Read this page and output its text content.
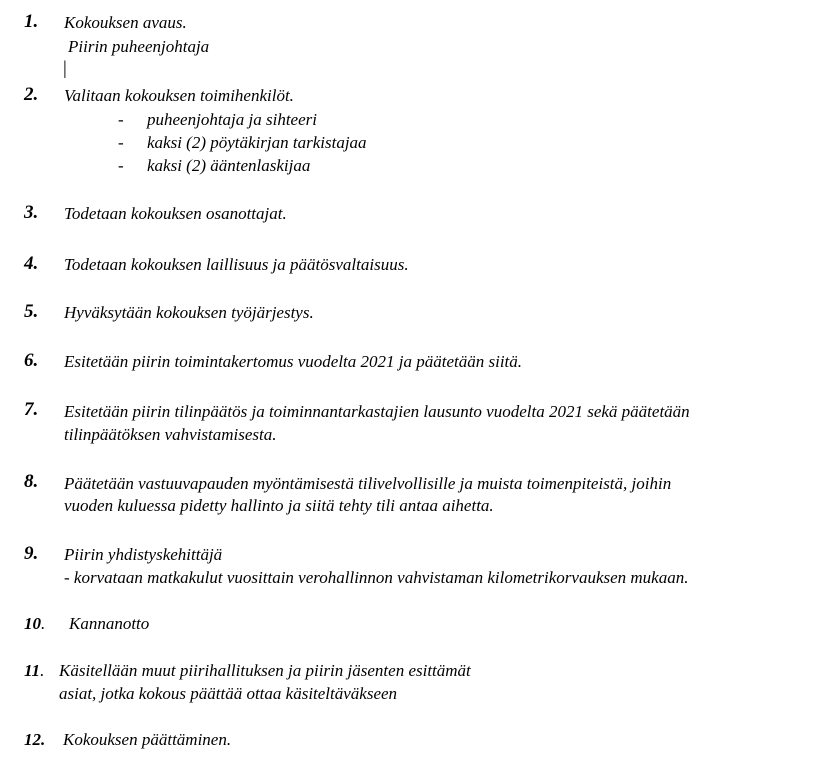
1. Kokouksen avaus.
Piirin puheenjohtaja
|
2. Valitaan kokouksen toimihenkilöt.
- puheenjohtaja ja sihteeri
- kaksi (2) pöytäkirjan tarkistajaa
- kaksi (2) ääntenlaskijaa
3. Todetaan kokouksen osanottajat.
4. Todetaan kokouksen laillisuus ja päätösvaltaisuus.
5. Hyväksytään kokouksen työjärjestys.
6. Esitetään piirin toimintakertomus vuodelta 2021 ja päätetään siitä.
7. Esitetään piirin tilinpäätös ja toiminnantarkastajien lausunto vuodelta 2021 sekä päätetään
tilinpäätöksen vahvistamisesta.
8. Päätetään vastuuvapauden myöntämisestä tilivelvollisille ja muista toimenpiteistä, joihin
vuoden kuluessa pidetty hallinto ja siitä tehty tili antaa aihetta.
9. Piirin yhdistyskehittäjä
- korvataan matkakulut vuosittain verohallinnon vahvistaman kilometrikorvauksen mukaan.
10. Kannanotto
11. Käsitellään muut piirihallituksen ja piirin jäsenten esittämät
asiat, jotka kokous päättää ottaa käsiteltäväkseen
12. Kokouksen päättäminen.
